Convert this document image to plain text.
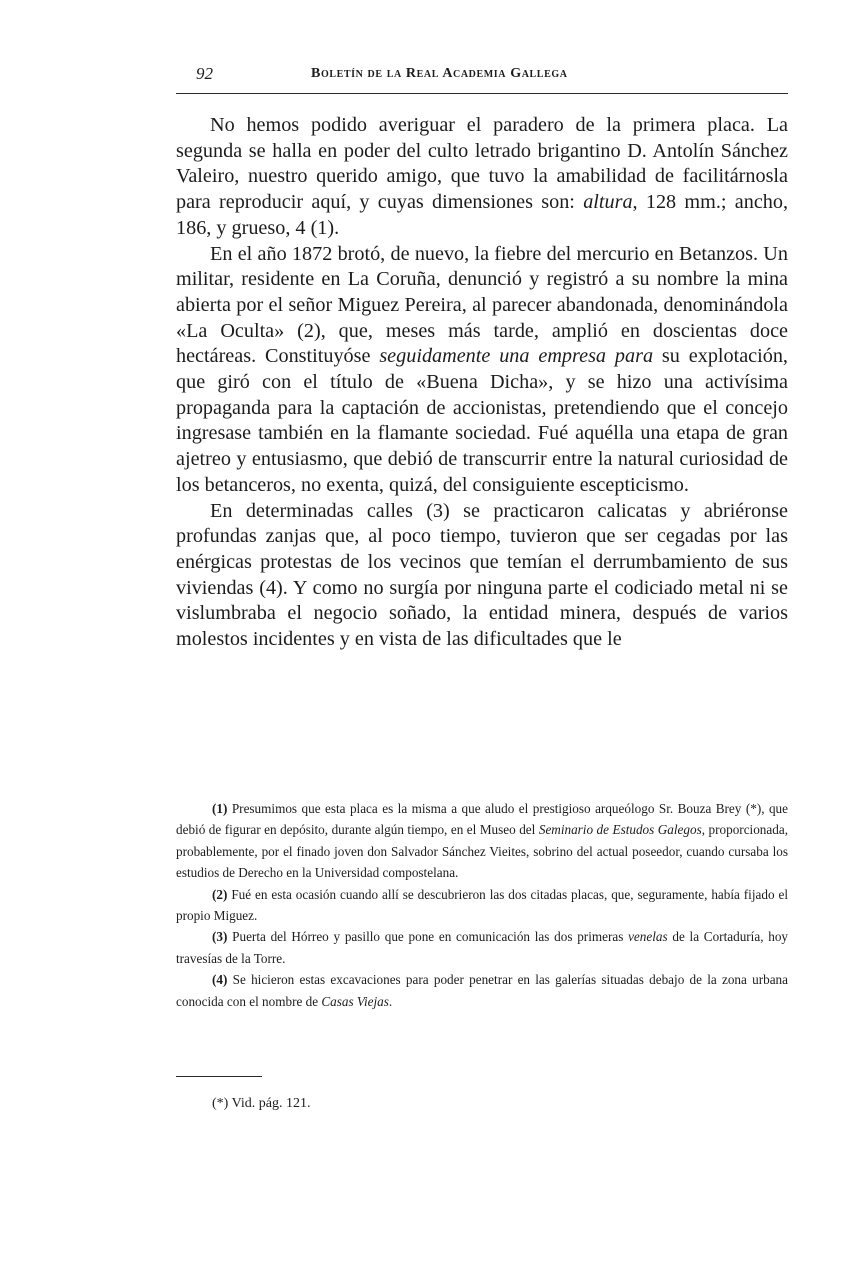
92	Boletín de la Real Academia Gallega

No hemos podido averiguar el paradero de la primera placa. La segunda se halla en poder del culto letrado brigantino D. Antolín Sánchez Valeiro, nuestro querido amigo, que tuvo la amabilidad de facilitárnosla para reproducir aquí, y cuyas dimensiones son: altura, 128 mm.; ancho, 186, y grueso, 4 (1).

En el año 1872 brotó, de nuevo, la fiebre del mercurio en Betanzos. Un militar, residente en La Coruña, denunció y registró a su nombre la mina abierta por el señor Miguez Pereira, al parecer abandonada, denominándola «La Oculta» (2), que, meses más tarde, amplió en doscientas doce hectáreas. Constituyóse seguidamente una empresa para su explotación, que giró con el título de «Buena Dicha», y se hizo una activísima propaganda para la captación de accionistas, pretendiendo que el concejo ingresase también en la flamante sociedad. Fué aquélla una etapa de gran ajetreo y entusiasmo, que debió de transcurrir entre la natural curiosidad de los betanceros, no exenta, quizá, del consiguiente escepticismo.

En determinadas calles (3) se practicaron calicatas y abriéronse profundas zanjas que, al poco tiempo, tuvieron que ser cegadas por las enérgicas protestas de los vecinos que temían el derrumbamiento de sus viviendas (4). Y como no surgía por ninguna parte el codiciado metal ni se vislumbraba el negocio soñado, la entidad minera, después de varios molestos incidentes y en vista de las dificultades que le

(1) Presumimos que esta placa es la misma a que aludo el prestigioso arqueólogo Sr. Bouza Brey (*), que debió de figurar en depósito, durante algún tiempo, en el Museo del Seminario de Estudos Galegos, proporcionada, probablemente, por el finado joven don Salvador Sánchez Vieites, sobrino del actual poseedor, cuando cursaba los estudios de Derecho en la Universidad compostelana.

(2) Fué en esta ocasión cuando allí se descubrieron las dos citadas placas, que, seguramente, había fijado el propio Miguez.

(3) Puerta del Hórreo y pasillo que pone en comunicación las dos primeras venelas de la Cortaduría, hoy travesías de la Torre.

(4) Se hicieron estas excavaciones para poder penetrar en las galerías situadas debajo de la zona urbana conocida con el nombre de Casas Viejas.

(*) Vid. pág. 121.
